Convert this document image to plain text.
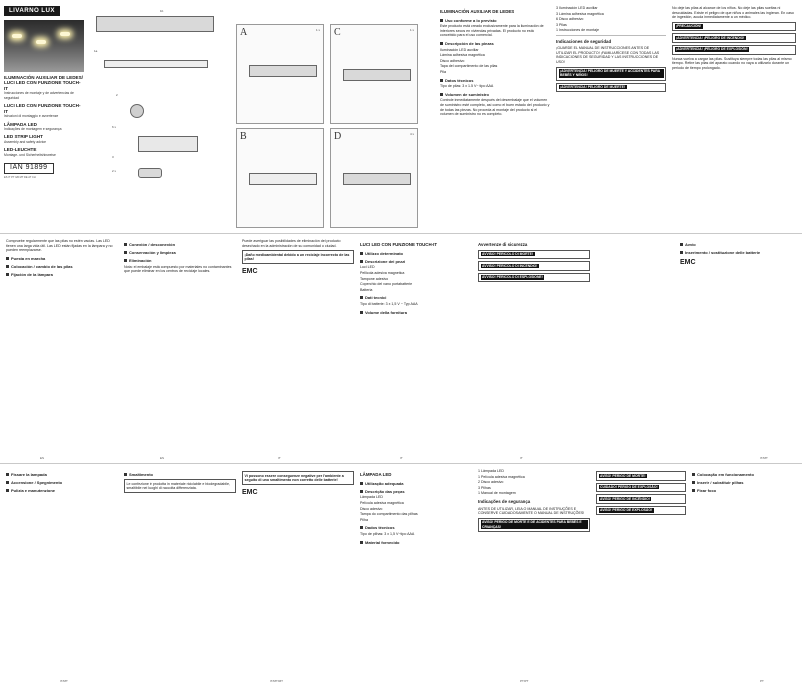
LIVARNO LUX
ILUMINACIÓN AUXILIAR DE LEDES/ LUCI LED CON FUNZIONE TOUCH-IT
Instrucciones de montaje y de advertencias de seguridad
LUCI LED CON FUNZIONE TOUCH-IT
Istruzioni di montaggio e avvertenze
LÂMPADA LED
Indicações de montagem e segurança
LED STRIP LIGHT
Assembly and safety advice
LED-LEUCHTE
Montage- und Sicherheitshinweise
IAN 91899
ES IT PT GB MT DE AT CH
1b
1a
2
6 x
3
2 x
A	1 x
B
C	1 x
D	4 x
ILUMINACIÓN AUXILIAR DE LEDES
Uso conforme a lo previsto
Este producto está creado exclusivamente para la iluminación de interiores secos en viviendas privadas. El producto no está concebido para el uso comercial.
Descripción de las piezas
Iluminación LED auxiliar
Lámina adhesiva magnética
Disco adhesivo
Tapa del compartimento de las pilas
Pila
Datos técnicos
Tipo de pilas: 3 x 1.5 V~ tipo AAA
Volumen de suministro
Controle inmediatamente después del desembalaje que el volumen de suministro esté completo, así como el buen estado del producto y de todas las piezas. No proceda al montaje del producto si el volumen de suministro no es completo.
3 Iluminación LED auxiliar
3 Lámina adhesiva magnética
6 Disco adhesivo
3 Pilas
1 Instrucciones de montaje
Indicaciones de seguridad
¡GUARDE EL MANUAL DE INSTRUCCIONES ANTES DE UTILIZAR EL PRODUCTO! ¡FAMILIARÍCESE CON TODAS LAS INDICACIONES DE SEGURIDAD Y LAS INSTRUCCIONES DE USO!
¡ADVERTENCIA! PELIGRO DE MUERTE Y ACCIDENTES PARA BEBÉS Y NIÑOS!
¡ADVERTENCIA! PELIGRO DE MUERTE!
No deje las pilas al alcance de los niños. No deje las pilas sueltas ni descuidadas. Existe el peligro de que niños o animales las ingieran. En caso de ingestión, acuda inmediatamente a un médico.
¡PRECAUCIÓN!
¡ADVERTENCIA! ¡PELIGRO DE INCENDIO!
¡ADVERTENCIA! ¡PELIGRO DE EXPLOSIÓN!
Nunca vuelva a cargar las pilas. Sustituya siempre todas las pilas al mismo tiempo. Retire las pilas del aparato cuando no vaya a utilizarlo durante un periodo de tiempo prolongado.
Compruebe regularmente que las pilas no estén vacías. Las LED tienen una larga vida útil. Las LED están fijadas en la lámpara y no pueden reemplazarse.
Puesta en marcha
Colocación / cambio de las pilas
Fijación de la lámpara
Conexión / desconexión
Conservación y limpieza
Eliminación
Nota: el embalaje está compuesto por materiales no contaminantes que puede eliminar en los centros de reciclaje locales.
Puede averiguar las posibilidades de eliminación del producto desechado en la administración de su comunidad o ciudad.
¡Daño medioambiental debido a un reciclaje incorrecto de las pilas!
EMC
LUCI LED CON FUNZIONE TOUCH-IT
Utilizzo determinato
Descrizione dei pezzi
Luci LED
Pellicola adesiva magnetica
Tampone adesivo
Coperchio del vano portabatterie
Batteria
Dati tecnici
Tipo di batterie: 3 x 1,5 V ~ Typ AAA
Volume della fornitura
Avvertenze di sicurezza
AVVISO! PERICOLO DI MORTE!
AVVISO! PERICOLO DI INCENDIO!
AVVISO! PERICOLO DI ESPLOSIONE!
Avvio
Inserimento / sostituzione delle batterie
EMC
ES	ES	IT	IT	IT	IT/MT
Fissare la lampada
Accensione / Spegnimento
Pulizia e manutenzione
Smaltimento
Le confezione è prodotta in materiale riciclabile e biodegradabile, smaltibile nei luoghi di raccolta differenziata.
Vi possono essere conseguenze negative per l'ambiente a seguito di uno smaltimento non corretto delle batterie!
EMC
LÂMPADA LED
Utilização adequada
Descrição das peças
Lâmpada LED
Película adesiva magnética
Disco adesivo
Tampa do compartimento das pilhas
Pilha
Dados técnicos
Tipo de pilhas: 3 x 1,5 V~tipo AAA
Material fornecido
1 Lâmpada LED
1 Película adesiva magnética
2 Disco adesivo
3 Pilhas
1 Manual de montagem
Indicações de segurança
ANTES DE UTILIZAR, LEIA O MANUAL DE INSTRUÇÕES E CONSERVE CUIDADOSAMENTE O MANUAL DE INSTRUÇÕES!
AVISO! PERIGO DE MORTE E DE ACIDENTES PARA BEBÉS E CRIANÇAS!
AVISO! PERIGO DE MORTE!
CUIDADO! PERIGO DE EXPLOSÃO!
AVISO! PERIGO DE INCÊNDIO!
AVISO! PERIGO DE EXPLOSÃO!
Colocação em funcionamento
Inserir / substituir pilhas
Fixar foco
IT/MT	IT/MT/MT	PT/PT	PT
